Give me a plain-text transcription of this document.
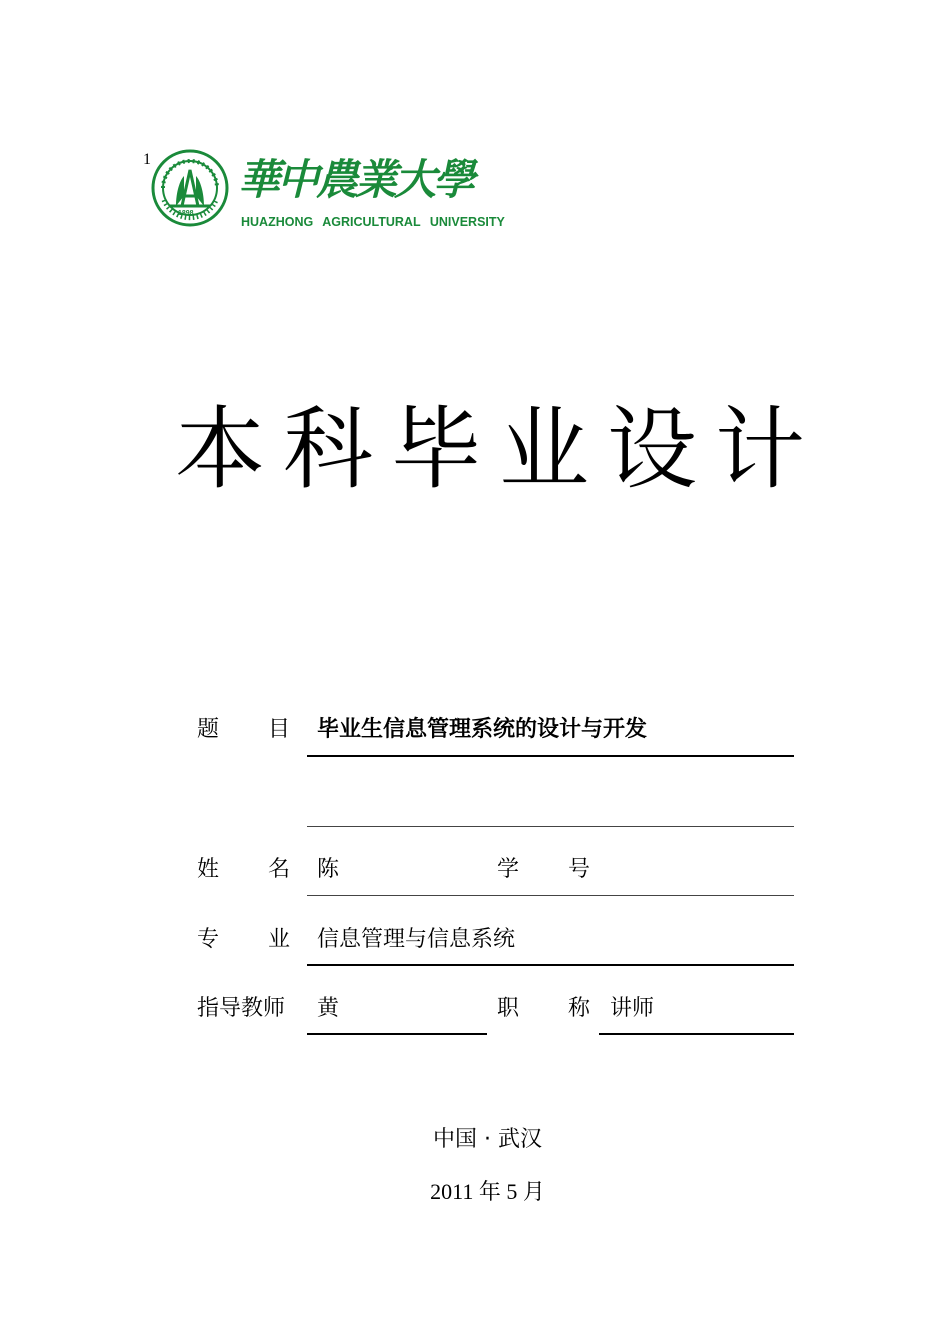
1
1898
華中農業大學
HUAZHONG AGRICULTURAL UNIVERSITY
本科毕业设计
题 目 毕业生信息管理系统的设计与开发
姓 名 陈	学 号
专 业 信息管理与信息系统
指导教师 黄	职 称 讲师
中国 · 武汉
2011 年 5 月
